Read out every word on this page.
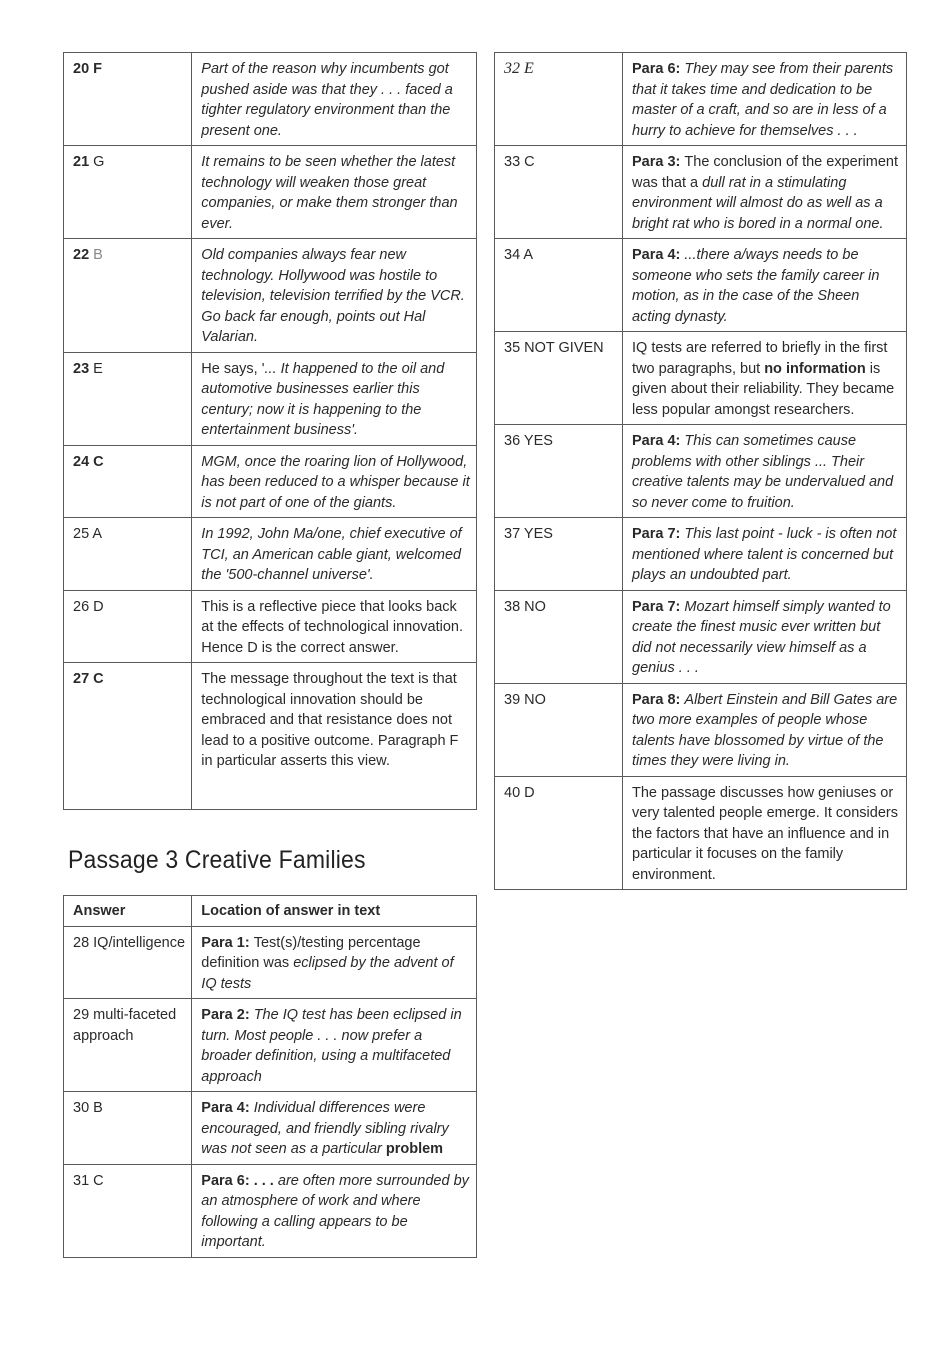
20 F	Part of the reason why incumbents got pushed aside was that they . . . faced a tighter regulatory environment than the present one.
21 G	It remains to be seen whether the latest technology will weaken those great companies, or make them stronger than ever.
22 B	Old companies always fear new technology. Hollywood was hostile to television, television terrified by the VCR. Go back far enough, points out Hal Valarian.
23 E	He says, '... It happened to the oil and automotive businesses earlier this century; now it is happening to the entertainment business'.
24 C	MGM, once the roaring lion of Hollywood, has been reduced to a whisper because it is not part of one of the giants.
25 A	In 1992, John Ma/one, chief executive of TCI, an American cable giant, welcomed the '500-channel universe'.
26 D	This is a reflective piece that looks back at the effects of technological innovation. Hence D is the correct answer.
27 C	The message throughout the text is that technological innovation should be embraced and that resistance does not lead to a positive outcome. Paragraph F in particular asserts this view.
Passage 3 Creative Families
Answer	Location of answer in text
28 IQ/intelligence	Para 1: Test(s)/testing percentage definition was eclipsed by the advent of IQ tests
29 multi-faceted approach	Para 2: The IQ test has been eclipsed in turn. Most people . . . now prefer a broader definition, using a multifaceted approach
30 B	Para 4: Individual differences were encouraged, and friendly sibling rivalry was not seen as a particular problem
31 C	Para 6: . . . are often more surrounded by an atmosphere of work and where following a calling appears to be important.
32 E	Para 6: They may see from their parents that it takes time and dedication to be master of a craft, and so are in less of a hurry to achieve for themselves . . .
33 C	Para 3: The conclusion of the experiment was that a dull rat in a stimulating environment will almost do as well as a bright rat who is bored in a normal one.
34 A	Para 4: ...there a/ways needs to be someone who sets the family career in motion, as in the case of the Sheen acting dynasty.
35 NOT GIVEN	IQ tests are referred to briefly in the first two paragraphs, but no information is given about their reliability. They became less popular amongst researchers.
36 YES	Para 4: This can sometimes cause problems with other siblings ... Their creative talents may be undervalued and so never come to fruition.
37 YES	Para 7: This last point - luck - is often not mentioned where talent is concerned but plays an undoubted part.
38 NO	Para 7: Mozart himself simply wanted to create the finest music ever written but did not necessarily view himself as a genius . . .
39 NO	Para 8: Albert Einstein and Bill Gates are two more examples of people whose talents have blossomed by virtue of the times they were living in.
40 D	The passage discusses how geniuses or very talented people emerge. It considers the factors that have an influence and in particular it focuses on the family environment.
